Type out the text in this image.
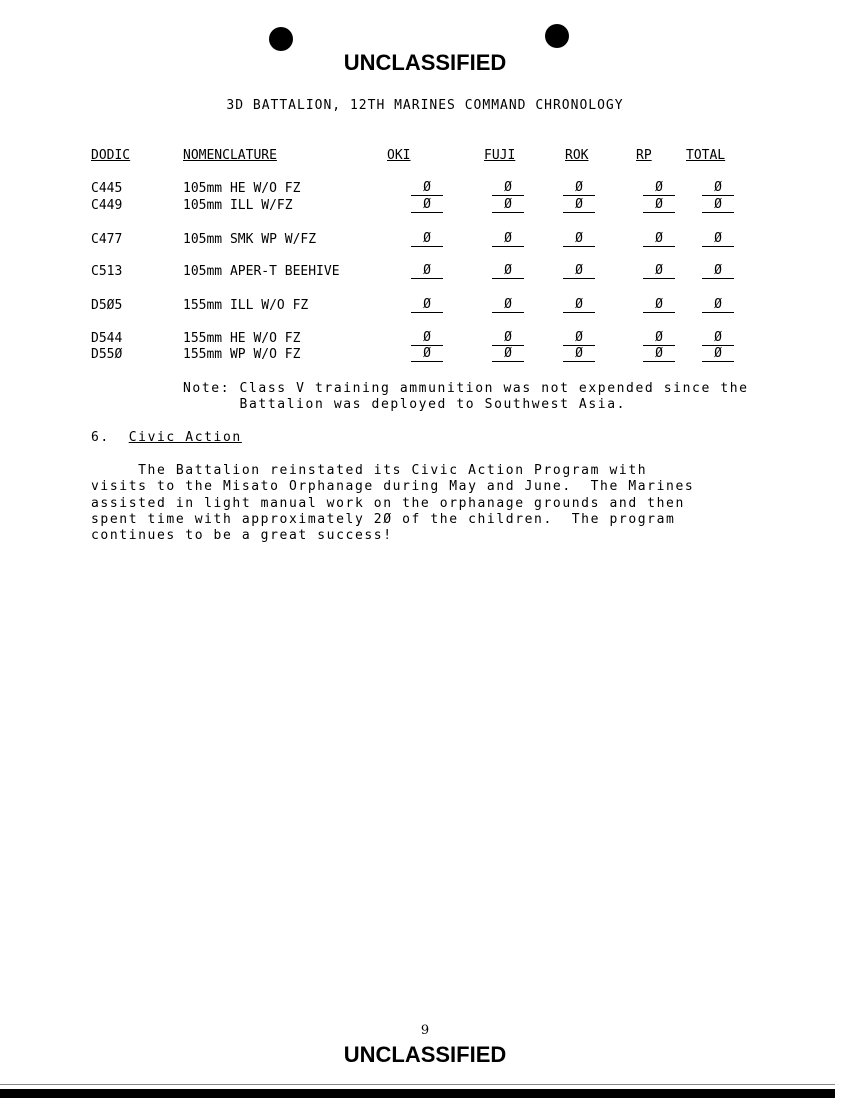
UNCLASSIFIED
3D BATTALION, 12TH MARINES COMMAND CHRONOLOGY
DODIC	NOMENCLATURE	OKI	FUJI	ROK	RP	TOTAL
C445	105mm HE W/O FZ	Ø	Ø	Ø	Ø	Ø
C449	105mm ILL W/FZ	Ø	Ø	Ø	Ø	Ø
C477	105mm SMK WP W/FZ	Ø	Ø	Ø	Ø	Ø
C513	105mm APER-T BEEHIVE	Ø	Ø	Ø	Ø	Ø
D5Ø5	155mm ILL W/O FZ	Ø	Ø	Ø	Ø	Ø
D544	155mm HE W/O FZ	Ø	Ø	Ø	Ø	Ø
D55Ø	155mm WP W/O FZ	Ø	Ø	Ø	Ø	Ø
Note: Class V training ammunition was not expended since the
Battalion was deployed to Southwest Asia.
6. Civic Action
The Battalion reinstated its Civic Action Program with
visits to the Misato Orphanage during May and June.  The Marines
assisted in light manual work on the orphanage grounds and then
spent time with approximately 2Ø of the children.  The program
continues to be a great success!
9
UNCLASSIFIED
